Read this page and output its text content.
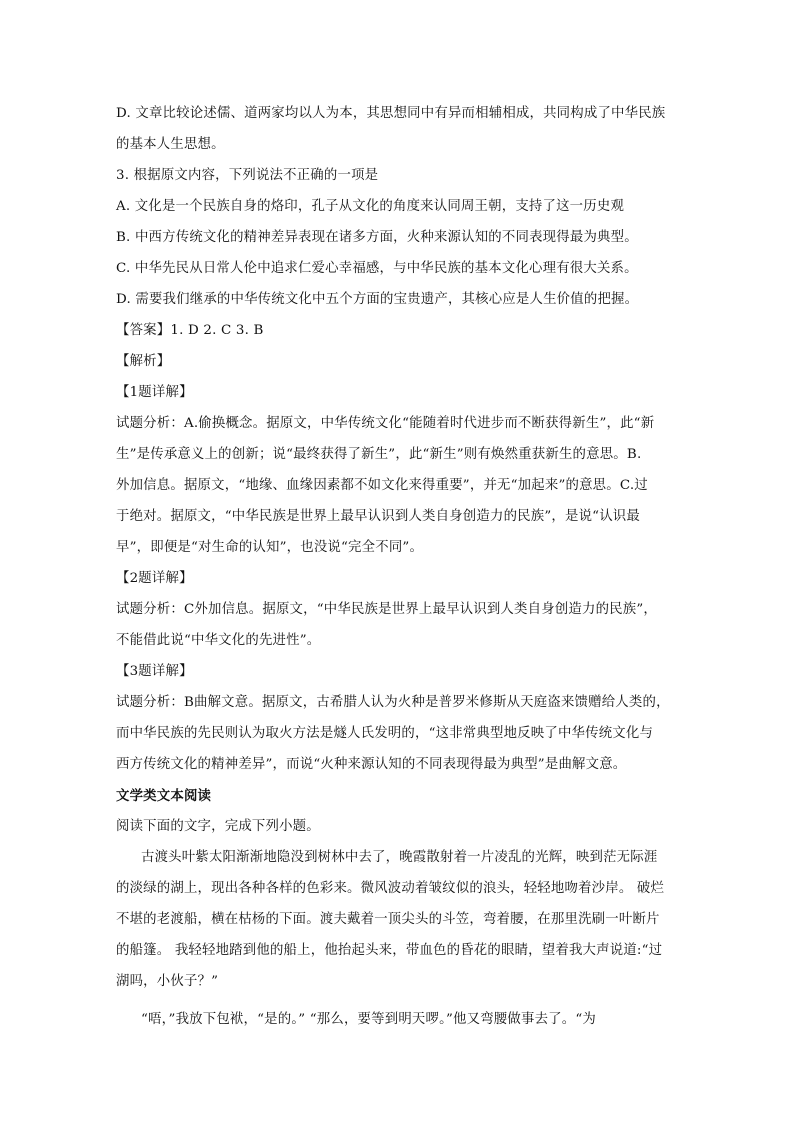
D. 文章比较论述儒、道两家均以人为本，其思想同中有异而相辅相成，共同构成了中华民族
的基本人生思想。
3. 根据原文内容，下列说法不正确的一项是
A. 文化是一个民族自身的烙印，孔子从文化的角度来认同周王朝，支持了这一历史观
B. 中西方传统文化的精神差异表现在诸多方面，火种来源认知的不同表现得最为典型。
C. 中华先民从日常人伦中追求仁爱心幸福感，与中华民族的基本文化心理有很大关系。
D. 需要我们继承的中华传统文化中五个方面的宝贵遗产，其核心应是人生价值的把握。
【答案】1. D 2. C 3. B
【解析】
【1题详解】
试题分析：A.偷换概念。据原文，中华传统文化“能随着时代进步而不断获得新生”，此“新
生”是传承意义上的创新；说“最终获得了新生”，此“新生”则有焕然重获新生的意思。B.
外加信息。据原文，“地缘、血缘因素都不如文化来得重要”，并无“加起来”的意思。C.过
于绝对。据原文，“中华民族是世界上最早认识到人类自身创造力的民族”，是说“认识最
早”，即便是“对生命的认知”，也没说“完全不同”。
【2题详解】
试题分析：C外加信息。据原文，“中华民族是世界上最早认识到人类自身创造力的民族”，
不能借此说“中华文化的先进性”。
【3题详解】
试题分析：B曲解文意。据原文，古希腊人认为火种是普罗米修斯从天庭盗来馈赠给人类的，
而中华民族的先民则认为取火方法是燧人氏发明的，“这非常典型地反映了中华传统文化与
西方传统文化的精神差异”，而说“火种来源认知的不同表现得最为典型”是曲解文意。
文学类文本阅读
阅读下面的文字，完成下列小题。
古渡头叶紫太阳渐渐地隐没到树林中去了，晚霞散射着一片凌乱的光辉，映到茫无际涯
的淡绿的湖上，现出各种各样的色彩来。微风波动着皱纹似的浪头，轻轻地吻着沙岸。 破烂
不堪的老渡船，横在枯杨的下面。渡夫戴着一顶尖头的斗笠，弯着腰，在那里洗刷一叶断片
的船篷。 我轻轻地踏到他的船上，他抬起头来，带血色的昏花的眼睛，望着我大声说道:“过
湖吗，小伙子？”
“唔，”我放下包袱，“是的。” “那么，要等到明天啰。”他又弯腰做事去了。“为
